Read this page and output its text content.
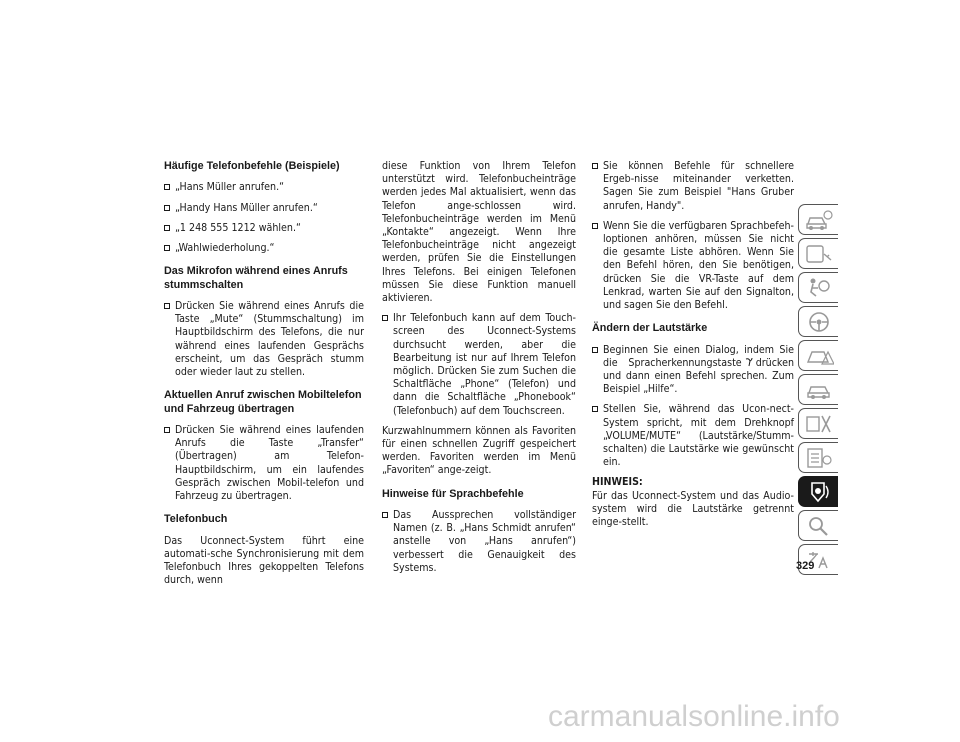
Häufige Telefonbefehle (Beispiele)
„Hans Müller anrufen.“
„Handy Hans Müller anrufen.“
„1 248 555 1212 wählen.“
„Wahlwiederholung.“
Das Mikrofon während eines Anrufs stummschalten
Drücken Sie während eines Anrufs die Taste „Mute“ (Stummschaltung) im Hauptbildschirm des Telefons, die nur während eines laufenden Gesprächs erscheint, um das Gespräch stumm oder wieder laut zu stellen.
Aktuellen Anruf zwischen Mobiltelefon und Fahrzeug übertragen
Drücken Sie während eines laufenden Anrufs die Taste „Transfer“ (Übertragen) am Telefon-Hauptbildschirm, um ein laufendes Gespräch zwischen Mobil-telefon und Fahrzeug zu übertragen.
Telefonbuch

Das Uconnect-System führt eine automati-sche Synchronisierung mit dem Telefonbuch Ihres gekoppelten Telefons durch, wenn

diese Funktion von Ihrem Telefon unterstützt wird. Telefonbucheinträge werden jedes Mal aktualisiert, wenn das Telefon ange-schlossen wird. Telefonbucheinträge werden im Menü „Kontakte“ angezeigt. Wenn Ihre Telefonbucheinträge nicht angezeigt werden, prüfen Sie die Einstellungen Ihres Telefons. Bei einigen Telefonen müssen Sie diese Funktion manuell aktivieren.

Ihr Telefonbuch kann auf dem Touch-screen des Uconnect-Systems durchsucht werden, aber die Bearbeitung ist nur auf Ihrem Telefon möglich. Drücken Sie zum Suchen die Schaltfläche „Phone“ (Telefon) und dann die Schaltfläche „Phonebook“ (Telefonbuch) auf dem Touchscreen.

Kurzwahlnummern können als Favoriten für einen schnellen Zugriff gespeichert werden. Favoriten werden im Menü „Favoriten“ ange-zeigt.

Hinweise für Sprachbefehle
Das Aussprechen vollständiger Namen (z. B. „Hans Schmidt anrufen“ anstelle von „Hans anrufen“) verbessert die Genauigkeit des Systems.
Sie können Befehle für schnellere Ergeb-nisse miteinander verketten. Sagen Sie zum Beispiel "Hans Gruber anrufen, Handy".
Wenn Sie die verfügbaren Sprachbefeh-loptionen anhören, müssen Sie nicht die gesamte Liste abhören. Wenn Sie den Befehl hören, den Sie benötigen, drücken Sie die VR-Taste auf dem Lenkrad, warten Sie auf den Signalton, und sagen Sie den Befehl.
Ändern der Lautstärke
Beginnen Sie einen Dialog, indem Sie die Spracherkennungstaste drücken und dann einen Befehl sprechen. Zum Beispiel „Hilfe“.
Stellen Sie, während das Ucon-nect-System spricht, mit dem Drehknopf „VOLUME/MUTE“ (Lautstärke/Stumm-schalten) die Lautstärke wie gewünscht ein.

HINWEIS:

Für das Uconnect-System und das Audio-system wird die Lautstärke getrennt einge-stellt.

329
carmanualsonline.info
